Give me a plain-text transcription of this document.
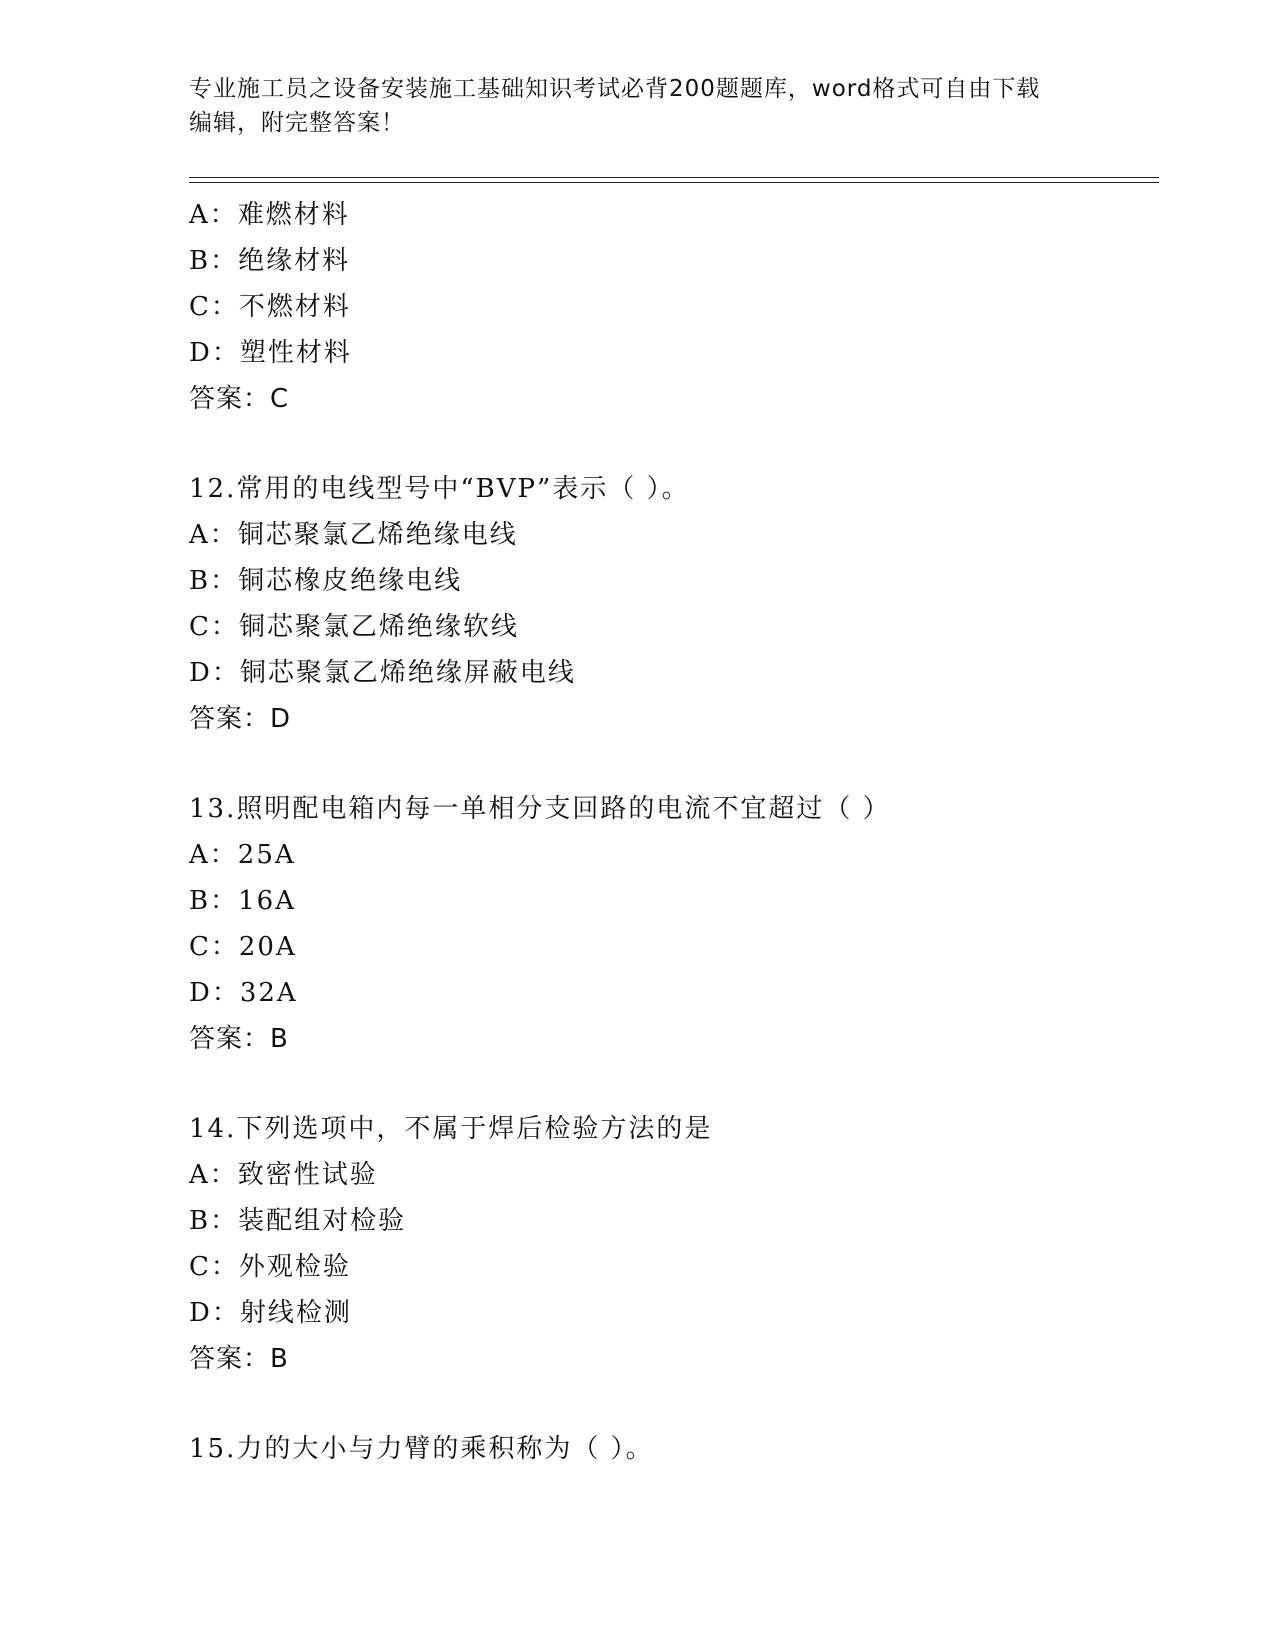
专业施工员之设备安装施工基础知识考试必背200题题库，word格式可自由下载
编辑，附完整答案！
A：难燃材料
B：绝缘材料
C：不燃材料
D：塑性材料
答案：C
12.常用的电线型号中“BVP”表示（ ）。
A：铜芯聚氯乙烯绝缘电线
B：铜芯橡皮绝缘电线
C：铜芯聚氯乙烯绝缘软线
D：铜芯聚氯乙烯绝缘屏蔽电线
答案：D
13.照明配电箱内每一单相分支回路的电流不宜超过（ ）
A：25A
B：16A
C：20A
D：32A
答案：B
14.下列选项中，不属于焊后检验方法的是
A：致密性试验
B：装配组对检验
C：外观检验
D：射线检测
答案：B
15.力的大小与力臂的乘积称为（ ）。
